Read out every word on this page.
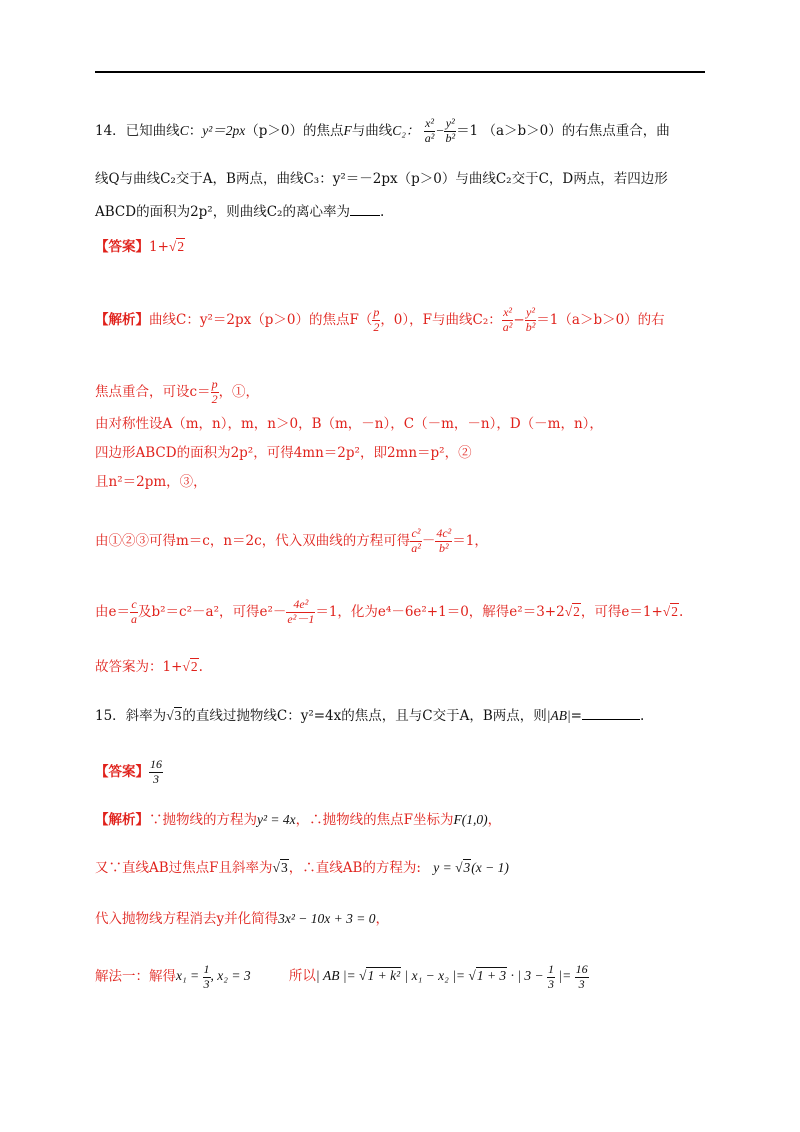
14．已知曲线C：y²＝2px（p＞0）的焦点F与曲线C₂： $\frac{\text{x²}}{\text{a²}} - \frac{\text{y²}}{\text{b²}} =1$ （a＞b＞0）的右焦点重合，曲
线Q与曲线C₂交于A，B两点，曲线C₃：y²＝－2px（p＞0）与曲线C₂交于C，D两点，若四边形
ABCD的面积为2p²，则曲线C₂的离心率为 .
【答案】1+√2
【解析】曲线C：y²＝2px（p＞0）的焦点$F( \frac{p}{2}$ ，0），F与曲线C₂： $\frac{\text{x²}}{\text{a²}} - \frac{\text{y²}}{\text{b²}} =1(a>b>0)$的右
焦点重合，可设$c= \frac{p}{2}$ ，①，
由对称性设A（m，n），m，n＞0，B（m，－n），C（－m，－n），D（－m，n），
四边形ABCD的面积为2p²，可得4mn＝2p²，即2mn＝p²，②
且n²＝2pm，③，
由①②③可得m＝c，n＝2c，代入双曲线的方程可得 $\frac{\text{c²}}{\text{a²}} - \frac{\text{4c²}}{\text{b²}} =1$，
由$e= \frac{c}{a}$ 及b²＝c²－a²，可得$e^2- \frac{\text{4e²}}{\text{e²－1}} =1$，化为e⁴－6e²+1＝0，解得e²＝3+2√2，可得e＝1+√2.
故答案为：1+√2.
15．斜率为√3的直线过抛物线C：y²=4x的焦点，且与C交于A，B两点，则|AB|=	.
【答案】 $\frac{16}{3}$
【解析】∵抛物线的方程为y² = 4x，∴抛物线的焦点F坐标为F(1,0)，
又∵直线AB过焦点F且斜率为√3，∴直线AB的方程为: y = √3(x − 1)
代入抛物线方程消去y并化简得3x² − 10x + 3 = 0，
解法一：解得$x_1 = \frac{1}{3}$ , x₂ = 3	所以| AB |= √1 + k² | x₁ − x₂ |= √1 + 3 · | $3 - \frac{1}{3}$ |= $\frac{16}{3}$
